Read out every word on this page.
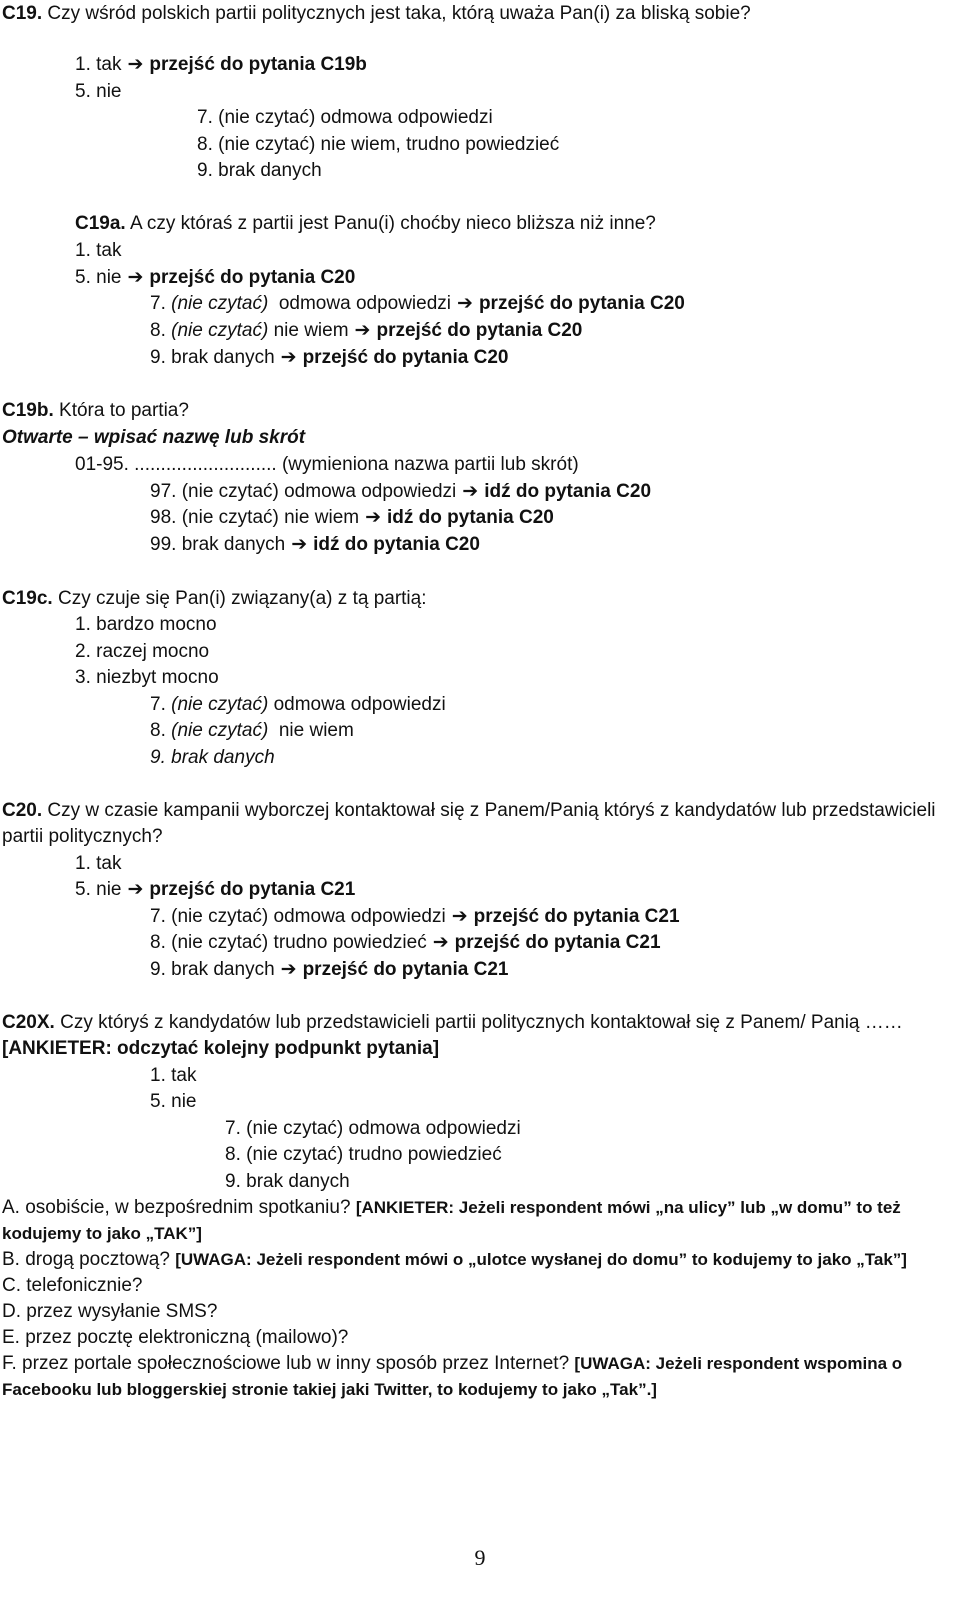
C19. Czy wśród polskich partii politycznych jest taka, którą uważa Pan(i) za bliską sobie?
1. tak ➔ przejść do pytania C19b
5. nie
7. (nie czytać) odmowa odpowiedzi
8. (nie czytać) nie wiem, trudno powiedzieć
9. brak danych
C19a. A czy któraś z partii jest Panu(i) choćby nieco bliższa niż inne?
1. tak
5. nie ➔ przejść do pytania C20
7. (nie czytać) odmowa odpowiedzi ➔ przejść do pytania C20
8. (nie czytać) nie wiem ➔ przejść do pytania C20
9. brak danych ➔ przejść do pytania C20
C19b. Która to partia?
Otwarte – wpisać nazwę lub skrót
01-95. ........................... (wymieniona nazwa partii lub skrót)
97. (nie czytać) odmowa odpowiedzi ➔ idź do pytania C20
98. (nie czytać) nie wiem ➔ idź do pytania C20
99. brak danych ➔ idź do pytania C20
C19c. Czy czuje się Pan(i) związany(a) z tą partią:
1. bardzo mocno
2. raczej mocno
3. niezbyt mocno
7. (nie czytać) odmowa odpowiedzi
8. (nie czytać) nie wiem
9. brak danych
C20. Czy w czasie kampanii wyborczej kontaktował się z Panem/Panią któryś z kandydatów lub przedstawicieli
partii politycznych?
1. tak
5. nie ➔ przejść do pytania C21
7. (nie czytać) odmowa odpowiedzi ➔ przejść do pytania C21
8. (nie czytać) trudno powiedzieć ➔ przejść do pytania C21
9. brak danych ➔ przejść do pytania C21
C20X. Czy któryś z kandydatów lub przedstawicieli partii politycznych kontaktował się z Panem/ Panią ……
[ANKIETER: odczytać kolejny podpunkt pytania]
1. tak
5. nie
7. (nie czytać) odmowa odpowiedzi
8. (nie czytać) trudno powiedzieć
9. brak danych
A. osobiście, w bezpośrednim spotkaniu? [ANKIETER: Jeżeli respondent mówi „na ulicy” lub „w domu” to też
kodujemy to jako „TAK”]
B. drogą pocztową? [UWAGA: Jeżeli respondent mówi o „ulotce wysłanej do domu” to kodujemy to jako „Tak”]
C. telefonicznie?
D. przez wysyłanie SMS?
E. przez pocztę elektroniczną (mailowo)?
F. przez portale społecznościowe lub w inny sposób przez Internet? [UWAGA: Jeżeli respondent wspomina o
Facebooku lub bloggerskiej stronie takiej jaki Twitter, to kodujemy to jako „Tak”.]
9
